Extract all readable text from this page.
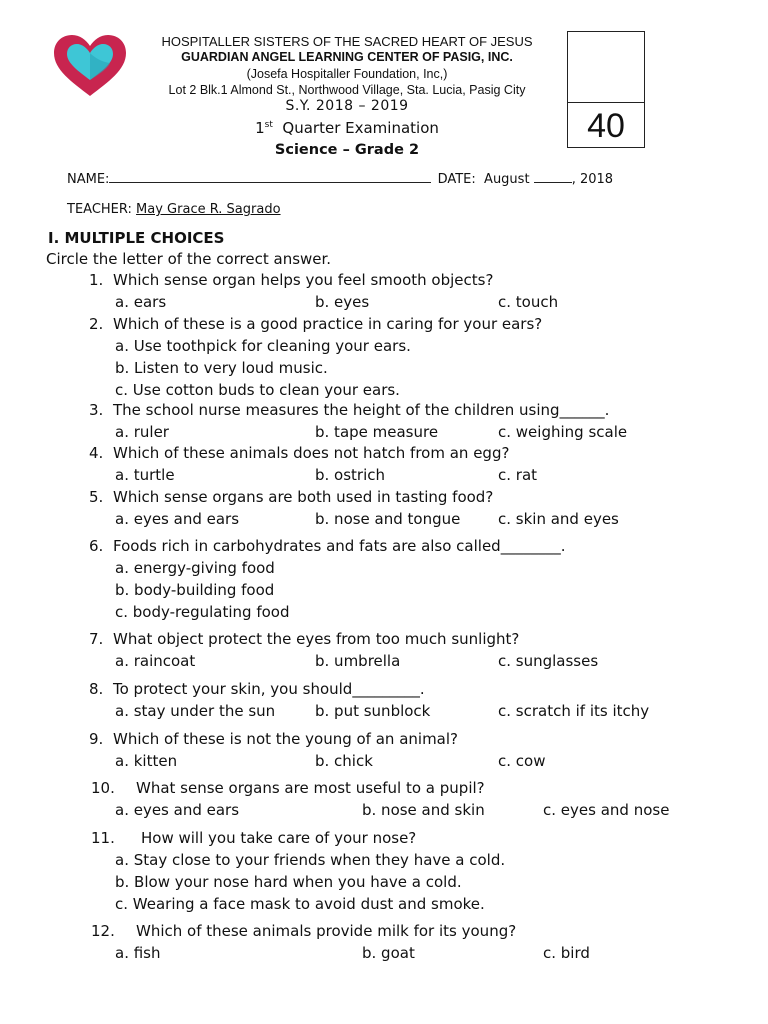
HOSPITALLER SISTERS OF THE SACRED HEART OF JESUS
GUARDIAN ANGEL LEARNING CENTER OF PASIG, INC.
(Josefa Hospitaller Foundation, Inc,)
Lot 2 Blk.1 Almond St., Northwood Village, Sta. Lucia, Pasig City
S.Y. 2018 – 2019
1st Quarter Examination
Science – Grade 2
40
NAME:	DATE: August	, 2018
TEACHER: May Grace R. Sagrado
I. MULTIPLE CHOICES
Circle the letter of the correct answer.
1. Which sense organ helps you feel smooth objects?
a. ears	b. eyes	c. touch
2. Which of these is a good practice in caring for your ears?
a. Use toothpick for cleaning your ears.
b. Listen to very loud music.
c. Use cotton buds to clean your ears.
3. The school nurse measures the height of the children using______.
a. ruler	b. tape measure	c. weighing scale
4. Which of these animals does not hatch from an egg?
a. turtle	b. ostrich	c. rat
5. Which sense organs are both used in tasting food?
a. eyes and ears	b. nose and tongue	c. skin and eyes
6. Foods rich in carbohydrates and fats are also called________.
a. energy-giving food
b. body-building food
c. body-regulating food
7. What object protect the eyes from too much sunlight?
a. raincoat	b. umbrella	c. sunglasses
8. To protect your skin, you should_________.
a. stay under the sun	b. put sunblock	c. scratch if its itchy
9. Which of these is not the young of an animal?
a. kitten	b. chick	c. cow
10. What sense organs are most useful to a pupil?
a. eyes and ears	b. nose and skin	c. eyes and nose
11. How will you take care of your nose?
a. Stay close to your friends when they have a cold.
b. Blow your nose hard when you have a cold.
c. Wearing a face mask to avoid dust and smoke.
12. Which of these animals provide milk for its young?
a. fish	b. goat	c. bird
